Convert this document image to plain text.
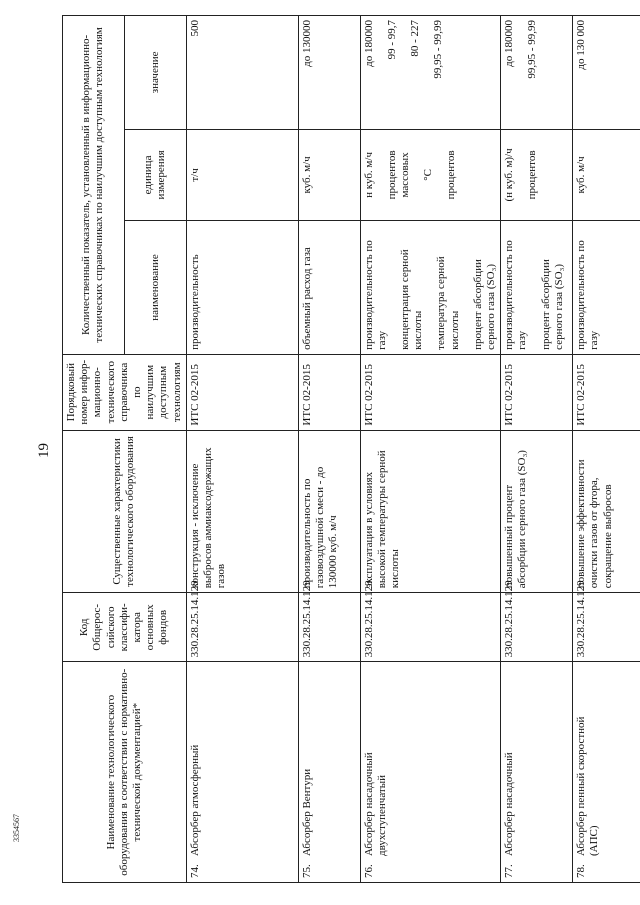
19
3354567	Наименование технологического оборудования в соответствии с нормативно-технической документацией*	Код Общерос-сийского классифи-катора основных фондов	Существенные характеристики технологического оборудования	Порядковый номер инфор-мационно-технического справочника по наилучшим доступным технологиям	Количественный показатель, установленный в информационно-технических справочниках по наилучшим доступным технологиям		
				наименование	единица измерения	значение
74.Абсорбер атмосферный	330.28.25.14.129	конструкция - исключение выбросов аммиаксодержащих газов	ИТС 02-2015	производительность	т/ч	500

75.Абсорбер Вентури	330.28.25.14.129	производительность по газовоздушной смеси - до 130000 куб. м/ч	ИТС 02-2015	объемный расход газа	куб. м/ч	до 130000

76.Абсорбер насадочный двухступенчатый	330.28.25.14.129	эксплуатация в условиях высокой температуры серной кислоты	ИТС 02-2015	производительность по газу концентрация серной кислоты температура серной кислоты процент абсорбции серного газа (SO₃)	н куб. м/ч процентов массовых °С процентов	до 180000 99 - 99,7 80 - 227 99,95 - 99,99

77.Абсорбер насадочный	330.28.25.14.129	повышенный процент абсорбции серного газа (SO₃)	ИТС 02-2015	производительность по газу процент абсорбции серного газа (SO₃)	(н куб. м)/ч процентов	до 180000 99,95 - 99,99

78.Абсорбер пенный скоростной (АПС)	330.28.25.14.129	повышение эффективности очистки газов от фтора, сокращение выбросов	ИТС 02-2015	производительность по газу	куб. м/ч	до 130 000
